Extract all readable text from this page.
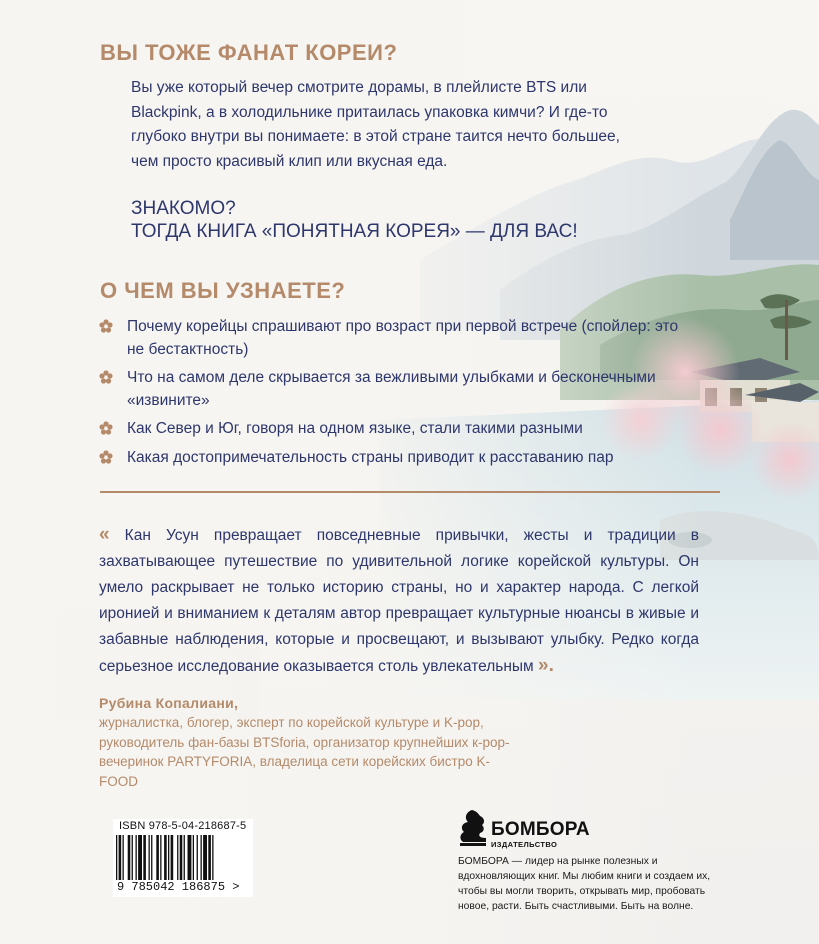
ВЫ ТОЖЕ ФАНАТ КОРЕИ?

Вы уже который вечер смотрите дорамы, в плейлисте BTS или Blackpink, а в холодильнике притаилась упаковка кимчи? И где-то глубоко внутри вы понимаете: в этой стране таится нечто большее, чем просто красивый клип или вкусная еда.

ЗНАКОМО?

ТОГДА КНИГА «ПОНЯТНАЯ КОРЕЯ» — ДЛЯ ВАС!

О ЧЕМ ВЫ УЗНАЕТЕ?
Почему корейцы спрашивают про возраст при первой встрече (спойлер: это не бестактность)
Что на самом деле скрывается за вежливыми улыбками и бесконечными «извините»
Как Север и Юг, говоря на одном языке, стали такими разными
Какая достопримечательность страны приводит к расставанию пар

« Кан Усун превращает повседневные привычки, жесты и традиции в захватывающее путешествие по удивительной логике корейской культуры. Он умело раскрывает не только историю страны, но и характер народа. С легкой иронией и вниманием к деталям автор превращает культурные нюансы в живые и забавные наблюдения, которые и просвещают, и вызывают улыбку. Редко когда серьезное исследование оказывается столь увлекательным ».

Рубина Копалиани,

журналистка, блогер, эксперт по корейской культуре и K-pop, руководитель фан-базы BTSforia, организатор крупнейших к-pop-вечеринок PARTYFORIA, владелица сети корейских бистро K-FOOD

ISBN 978-5-04-218687-5
9 785042 186875 >

БОМБОРА

ИЗДАТЕЛЬСТВО

БОМБОРА — лидер на рынке полезных и вдохновляющих книг. Мы любим книги и создаем их, чтобы вы могли творить, открывать мир, пробовать новое, расти. Быть счастливыми. Быть на волне.
